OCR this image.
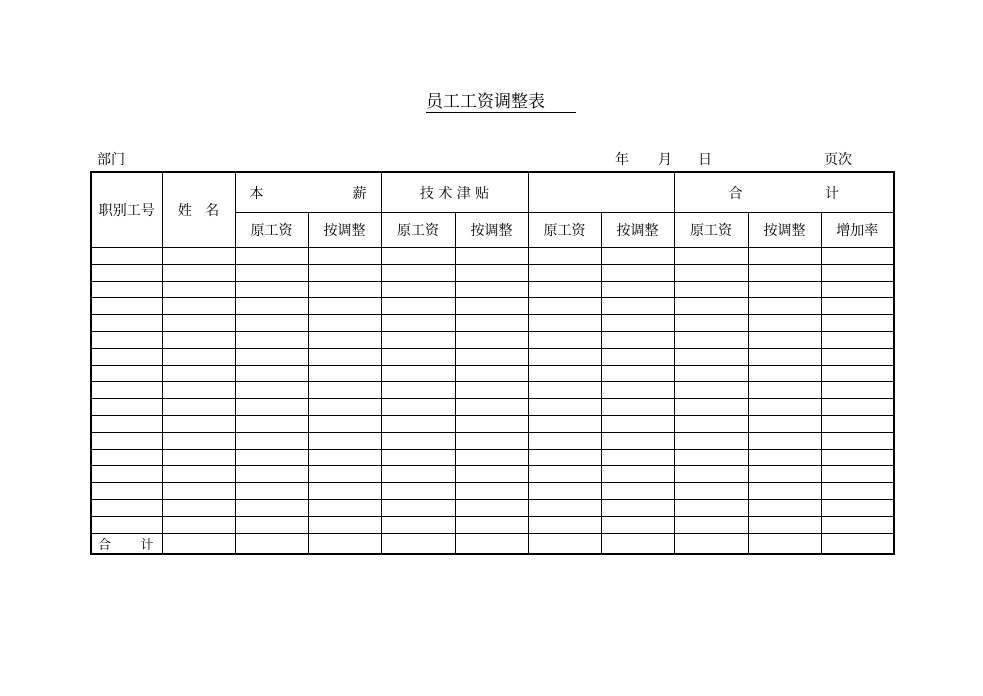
员工工资调整表
部门	年 月 日	页次
职别工号	姓 名	本 薪		技 术 津 贴				合 计		

		原工资	按调整	原工资	按调整	原工资	按调整	原工资	按调整	增加率

合 计										
